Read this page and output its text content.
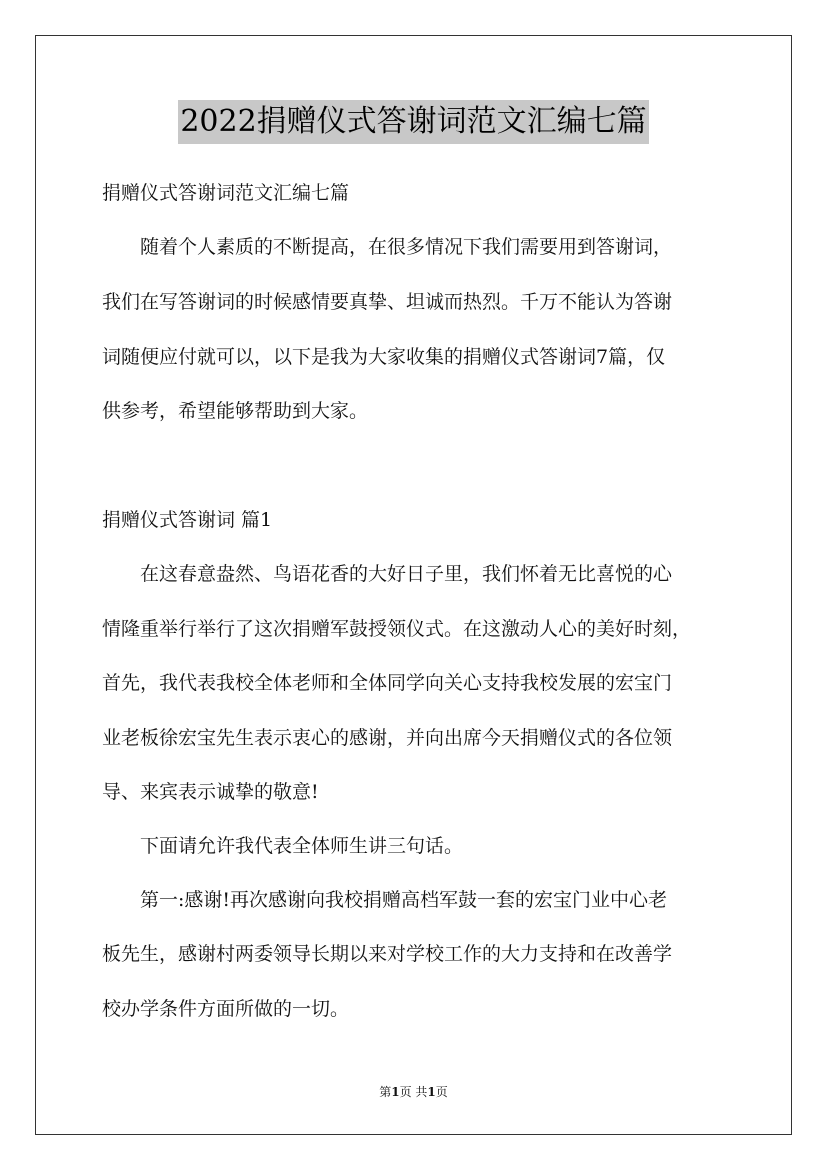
2022捐赠仪式答谢词范文汇编七篇
捐赠仪式答谢词范文汇编七篇
　　随着个人素质的不断提高，在很多情况下我们需要用到答谢词，
我们在写答谢词的时候感情要真挚、坦诚而热烈。千万不能认为答谢
词随便应付就可以，以下是我为大家收集的捐赠仪式答谢词7篇，仅
供参考，希望能够帮助到大家。
捐赠仪式答谢词 篇1
　　在这春意盎然、鸟语花香的大好日子里，我们怀着无比喜悦的心
情隆重举行举行了这次捐赠军鼓授领仪式。在这激动人心的美好时刻，
首先，我代表我校全体老师和全体同学向关心支持我校发展的宏宝门
业老板徐宏宝先生表示衷心的感谢，并向出席今天捐赠仪式的各位领
导、来宾表示诚挚的敬意!
　　下面请允许我代表全体师生讲三句话。
　　第一:感谢!再次感谢向我校捐赠高档军鼓一套的宏宝门业中心老
板先生，感谢村两委领导长期以来对学校工作的大力支持和在改善学
校办学条件方面所做的一切。
第1页 共1页
